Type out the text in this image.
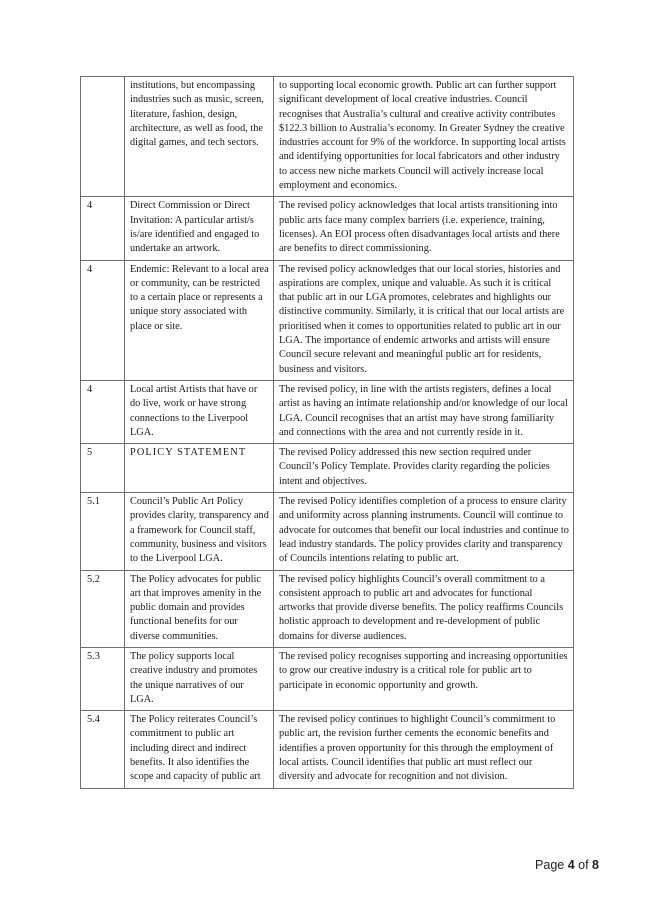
	institutions, but encompassing industries such as music, screen, literature, fashion, design, architecture, as well as food, the digital games, and tech sectors.	to supporting local economic growth. Public art can further support significant development of local creative industries. Council recognises that Australia’s cultural and creative activity contributes $122.3 billion to Australia’s economy. In Greater Sydney the creative industries account for 9% of the workforce. In supporting local artists and identifying opportunities for local fabricators and other industry to access new niche markets Council will actively increase local employment and economics.
4	Direct Commission or Direct Invitation: A particular artist/s is/are identified and engaged to undertake an artwork.	The revised policy acknowledges that local artists transitioning into public arts face many complex barriers (i.e. experience, training, licenses). An EOI process often disadvantages local artists and there are benefits to direct commissioning.
4	Endemic: Relevant to a local area or community, can be restricted to a certain place or represents a unique story associated with place or site.	The revised policy acknowledges that our local stories, histories and aspirations are complex, unique and valuable. As such it is critical that public art in our LGA promotes, celebrates and highlights our distinctive community. Similarly, it is critical that our local artists are prioritised when it comes to opportunities related to public art in our LGA. The importance of endemic artworks and artists will ensure Council secure relevant and meaningful public art for residents, business and visitors.
4	Local artist Artists that have or do live, work or have strong connections to the Liverpool LGA.	The revised policy, in line with the artists registers, defines a local artist as having an intimate relationship and/or knowledge of our local LGA. Council recognises that an artist may have strong familiarity and connections with the area and not currently reside in it.
5	POLICY STATEMENT	The revised Policy addressed this new section required under Council’s Policy Template. Provides clarity regarding the policies intent and objectives.
5.1	Council’s Public Art Policy provides clarity, transparency and a framework for Council staff, community, business and visitors to the Liverpool LGA.	The revised Policy identifies completion of a process to ensure clarity and uniformity across planning instruments. Council will continue to advocate for outcomes that benefit our local industries and continue to lead industry standards. The policy provides clarity and transparency of Councils intentions relating to public art.
5.2	The Policy advocates for public art that improves amenity in the public domain and provides functional benefits for our diverse communities.	The revised policy highlights Council’s overall commitment to a consistent approach to public art and advocates for functional artworks that provide diverse benefits. The policy reaffirms Councils holistic approach to development and re-development of public domains for diverse audiences.
5.3	The policy supports local creative industry and promotes the unique narratives of our LGA.	The revised policy recognises supporting and increasing opportunities to grow our creative industry is a critical role for public art to participate in economic opportunity and growth.
5.4	The Policy reiterates Council’s commitment to public art including direct and indirect benefits. It also identifies the scope and capacity of public art	The revised policy continues to highlight Council’s commitment to public art, the revision further cements the economic benefits and identifies a proven opportunity for this through the employment of local artists. Council identifies that public art must reflect our diversity and advocate for recognition and not division.
Page 4 of 8
